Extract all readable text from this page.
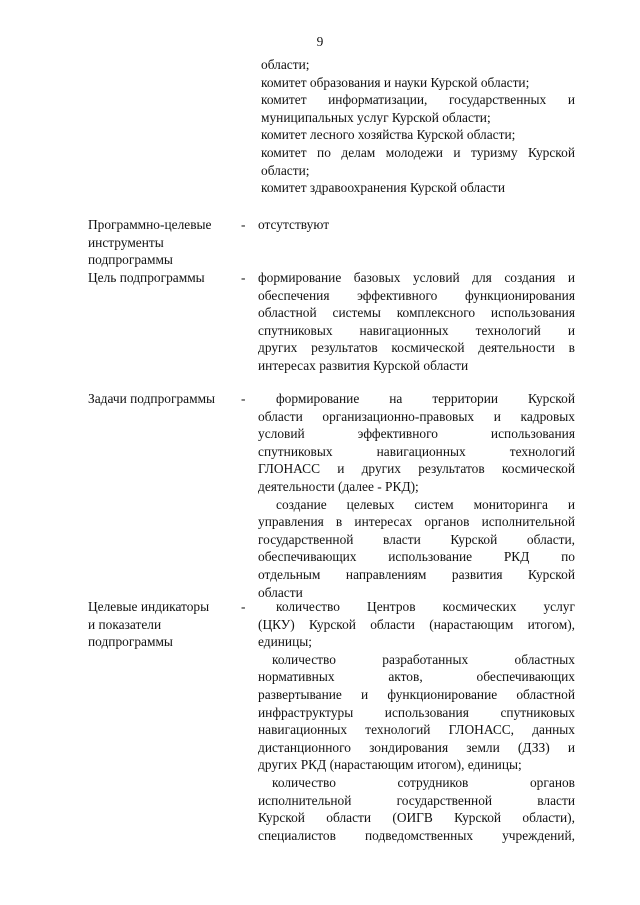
9
области;
комитет образования и науки Курской области;
комитет информатизации, государственных и
муниципальных услуг Курской области;
комитет лесного хозяйства Курской области;
комитет по делам молодежи и туризму Курской
области;
комитет здравоохранения Курской области
Программно-целевые
инструменты
подпрограммы
- отсутствуют
Цель подпрограммы	- формирование базовых условий для создания и
обеспечения эффективного функционирования
областной системы комплексного использования
спутниковых навигационных технологий и
других результатов космической деятельности в
интересах развития Курской области
Задачи подпрограммы	-	формирование на территории Курской
области организационно-правовых и кадровых
условий эффективного использования
спутниковых навигационных технологий
ГЛОНАСС и других результатов космической
деятельности (далее - РКД);
создание целевых систем мониторинга и
управления в интересах органов исполнительной
государственной власти Курской области,
обеспечивающих использование РКД по
отдельным направлениям развития Курской
области
Целевые индикаторы
и показатели
подпрограммы
-	количество Центров космических услуг
(ЦКУ) Курской области (нарастающим итогом),
единицы;
количество разработанных областных
нормативных актов, обеспечивающих
развертывание и функционирование областной
инфраструктуры использования спутниковых
навигационных технологий ГЛОНАСС, данных
дистанционного зондирования земли (ДЗЗ) и
других РКД (нарастающим итогом), единицы;
количество сотрудников органов
исполнительной государственной власти
Курской области (ОИГВ Курской области),
специалистов подведомственных учреждений,
